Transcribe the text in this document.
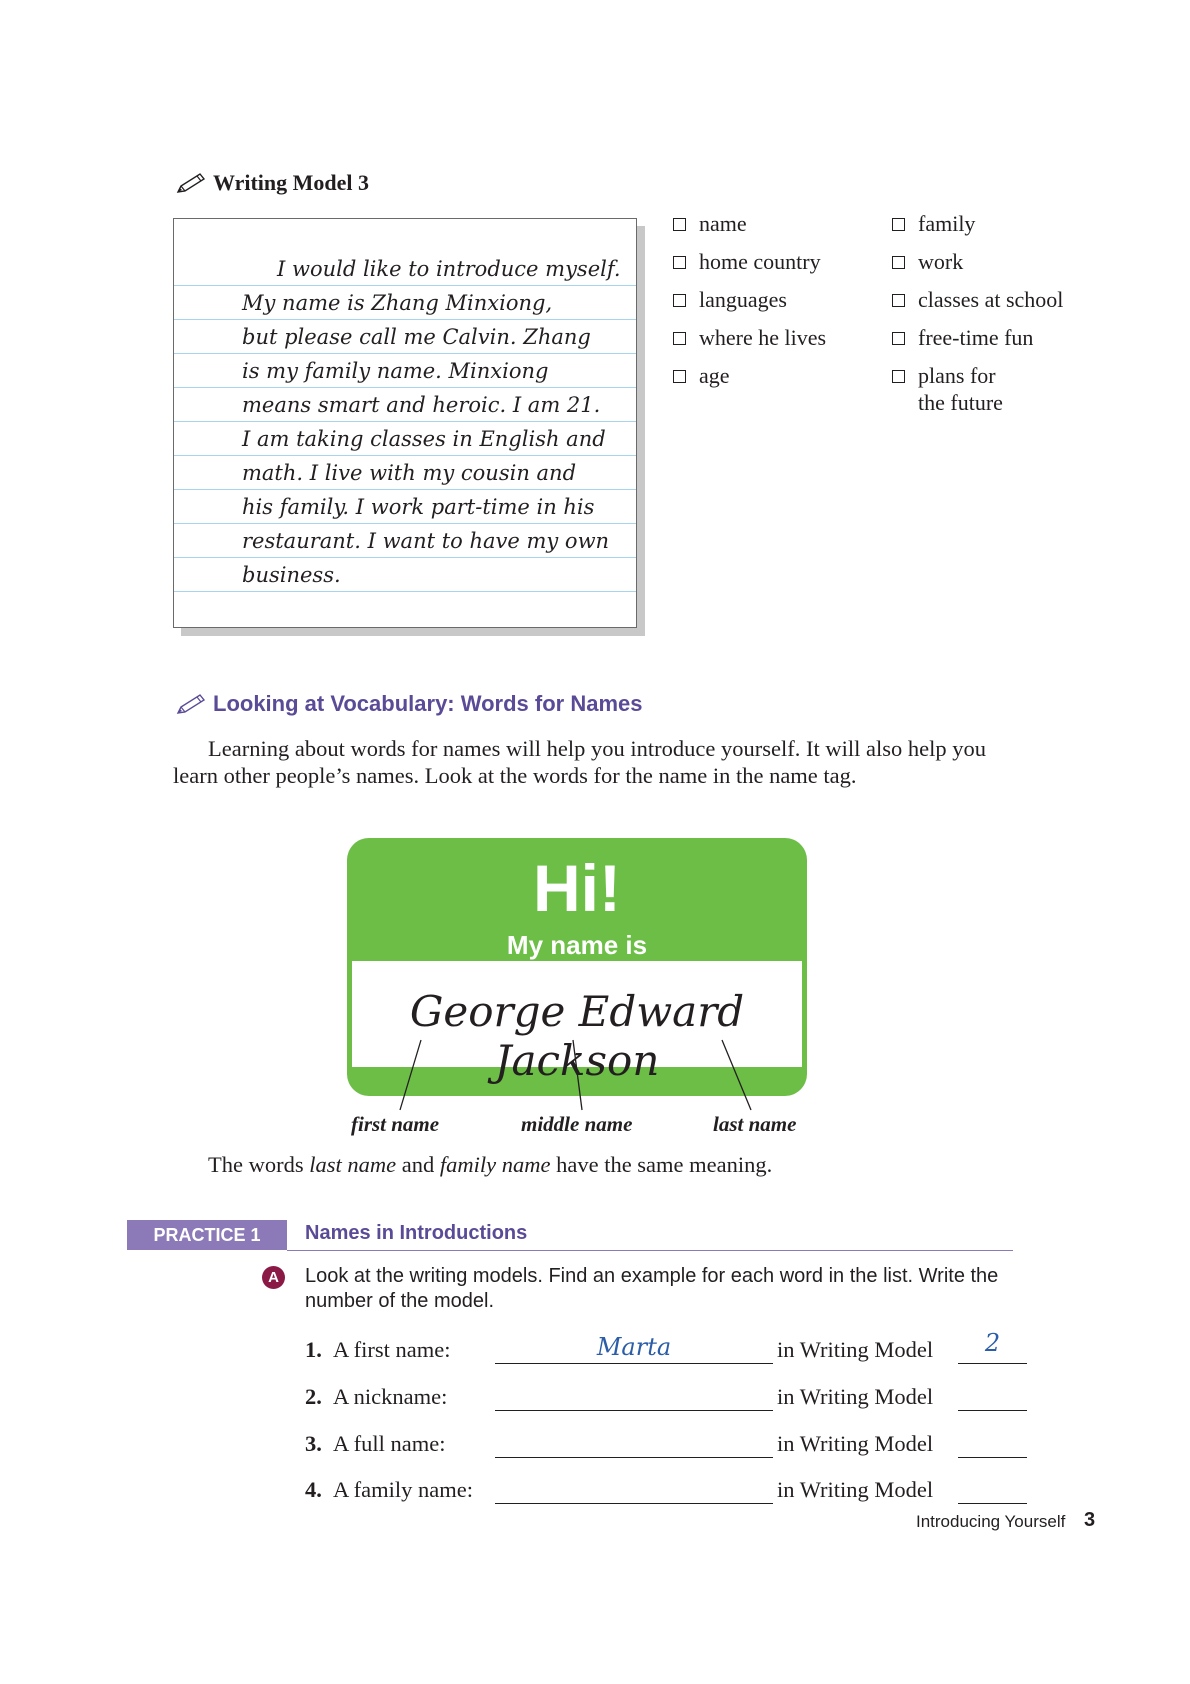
Writing Model 3
I would like to introduce myself.
My name is Zhang Minxiong,
but please call me Calvin. Zhang
is my family name. Minxiong
means smart and heroic. I am 21.
I am taking classes in English and
math. I live with my cousin and
his family. I work part-time in his
restaurant. I want to have my own
business.
name
home country
languages
where he lives
age
family
work
classes at school
free-time fun
plans for
the future
Looking at Vocabulary: Words for Names
Learning about words for names will help you introduce yourself. It will also help you learn other people’s names. Look at the words for the name in the name tag.
Hi!
My name is
George Edward Jackson
first name	middle name	last name
The words last name and family name have the same meaning.
PRACTICE 1	Names in Introductions
A	Look at the writing models. Find an example for each word in the list. Write the number of the model.
1. A first name:	Marta	in Writing Model	2
2. A nickname:	in Writing Model
3. A full name:	in Writing Model
4. A family name:	in Writing Model
Introducing Yourself 3
